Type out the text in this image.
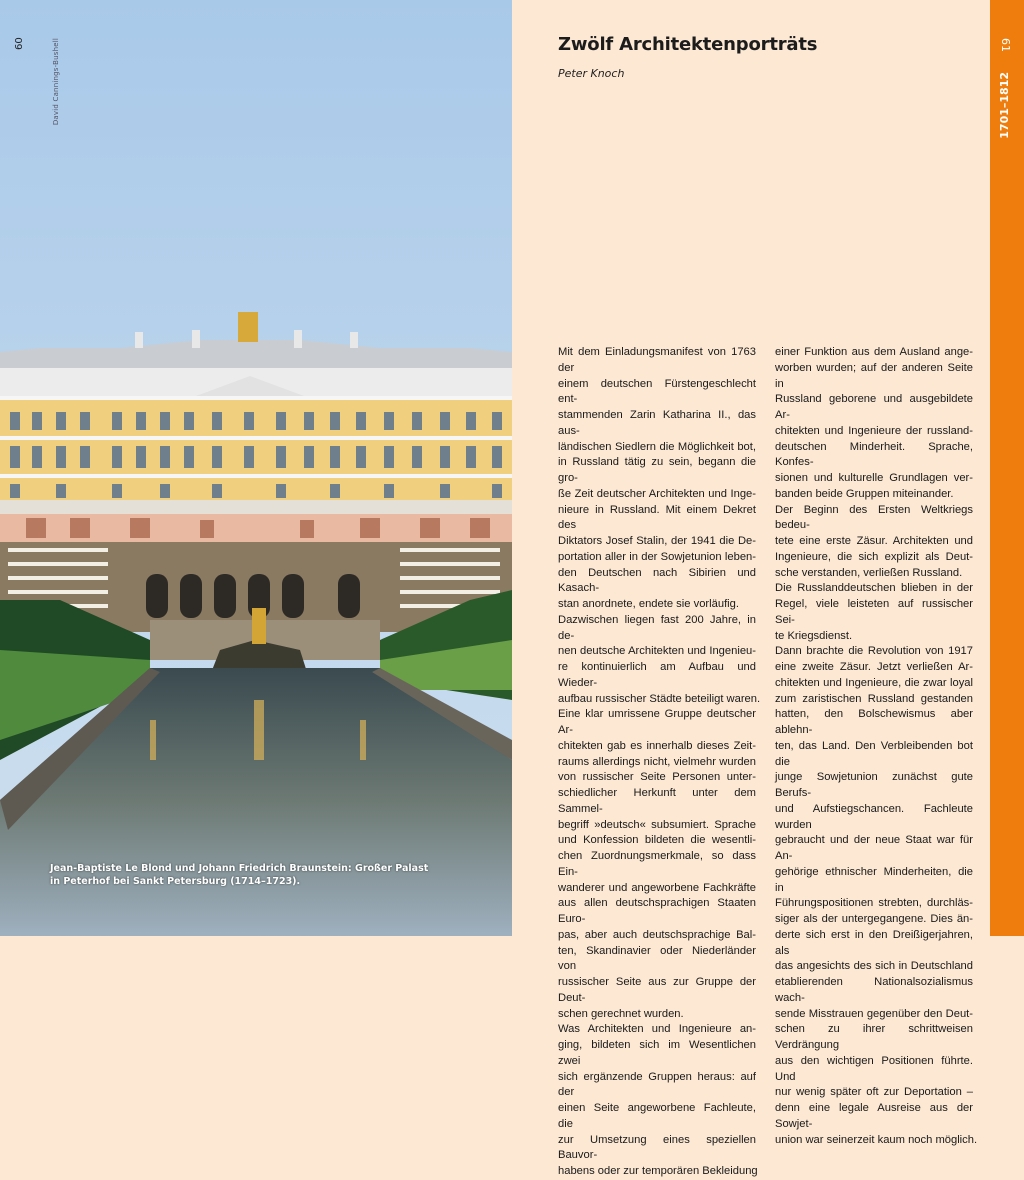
60	David Cannings-Bushell
Jean-Baptiste Le Blond und Johann Friedrich Braunstein: Großer Palast in Peterhof bei Sankt Petersburg (1714–1723).
Zwölf Architektenporträts
Peter Knoch
Mit dem Einladungsmanifest von 1763 der
einem deutschen Fürstengeschlecht ent-
stammenden Zarin Katharina II., das aus-
ländischen Siedlern die Möglichkeit bot,
in Russland tätig zu sein, begann die gro-
ße Zeit deutscher Architekten und Inge-
nieure in Russland. Mit einem Dekret des
Diktators Josef Stalin, der 1941 die De-
portation aller in der Sowjetunion leben-
den Deutschen nach Sibirien und Kasach-
stan anordnete, endete sie vorläufig.
Dazwischen liegen fast 200 Jahre, in de-
nen deutsche Architekten und Ingenieu-
re kontinuierlich am Aufbau und Wieder-
aufbau russischer Städte beteiligt waren.
Eine klar umrissene Gruppe deutscher Ar-
chitekten gab es innerhalb dieses Zeit-
raums allerdings nicht, vielmehr wurden
von russischer Seite Personen unter-
schiedlicher Herkunft unter dem Sammel-
begriff »deutsch« subsumiert. Sprache
und Konfession bildeten die wesentli-
chen Zuordnungsmerkmale, so dass Ein-
wanderer und angeworbene Fachkräfte
aus allen deutschsprachigen Staaten Euro-
pas, aber auch deutschsprachige Bal-
ten, Skandinavier oder Niederländer von
russischer Seite aus zur Gruppe der Deut-
schen gerechnet wurden.
Was Architekten und Ingenieure an-
ging, bildeten sich im Wesentlichen zwei
sich ergänzende Gruppen heraus: auf der
einen Seite angeworbene Fachleute, die
zur Umsetzung eines speziellen Bauvor-
habens oder zur temporären Bekleidung
einer Funktion aus dem Ausland ange-
worben wurden; auf der anderen Seite in
Russland geborene und ausgebildete Ar-
chitekten und Ingenieure der russland-
deutschen Minderheit. Sprache, Konfes-
sionen und kulturelle Grundlagen ver-
banden beide Gruppen miteinander.
Der Beginn des Ersten Weltkriegs bedeu-
tete eine erste Zäsur. Architekten und
Ingenieure, die sich explizit als Deut-
sche verstanden, verließen Russland.
Die Russlanddeutschen blieben in der
Regel, viele leisteten auf russischer Sei-
te Kriegsdienst.
Dann brachte die Revolution von 1917
eine zweite Zäsur. Jetzt verließen Ar-
chitekten und Ingenieure, die zwar loyal
zum zaristischen Russland gestanden
hatten, den Bolschewismus aber ablehn-
ten, das Land. Den Verbleibenden bot die
junge Sowjetunion zunächst gute Berufs-
und Aufstiegschancen. Fachleute wurden
gebraucht und der neue Staat war für An-
gehörige ethnischer Minderheiten, die in
Führungspositionen strebten, durchläs-
siger als der untergegangene. Dies än-
derte sich erst in den Dreißigerjahren, als
das angesichts des sich in Deutschland
etablierenden Nationalsozialismus wach-
sende Misstrauen gegenüber den Deut-
schen zu ihrer schrittweisen Verdrängung
aus den wichtigen Positionen führte. Und
nur wenig später oft zur Deportation –
denn eine legale Ausreise aus der Sowjet-
union war seinerzeit kaum noch möglich.
61
1701–1812
